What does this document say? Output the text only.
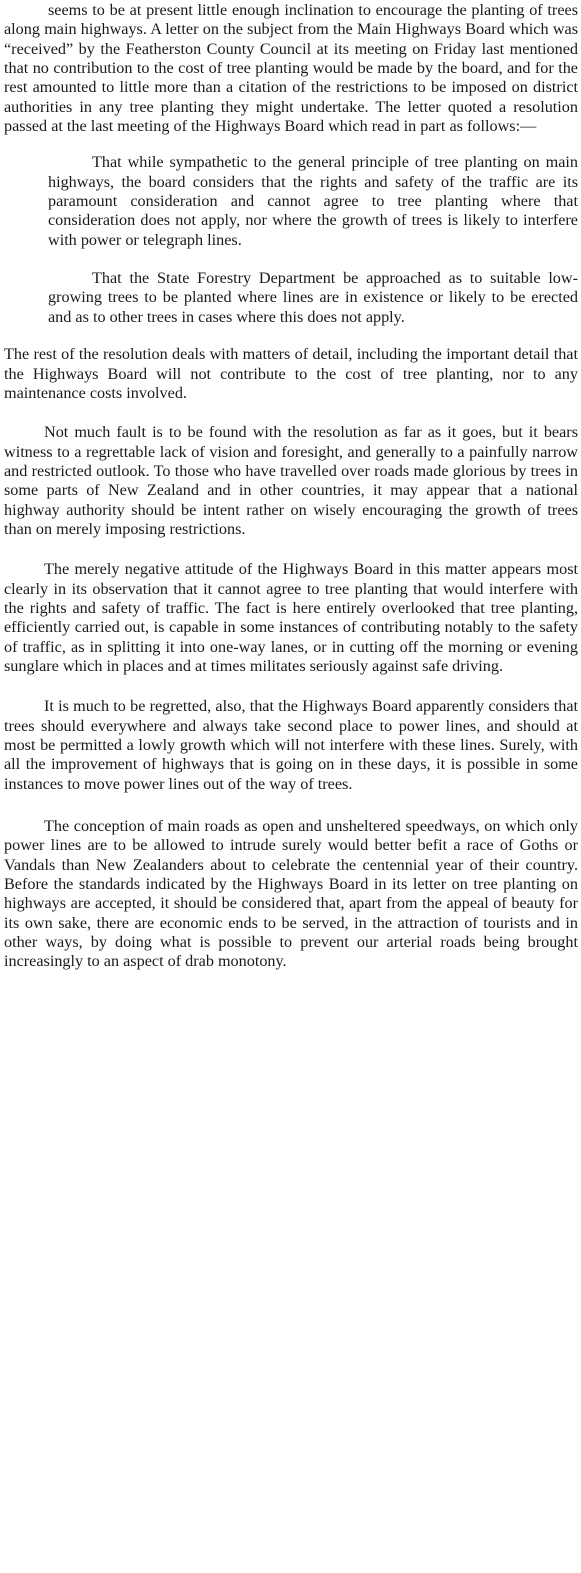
seems to be at present little enough inclination to encourage the planting of trees along main highways. A letter on the subject from the Main Highways Board which was “received” by the Featherston County Council at its meeting on Friday last mentioned that no contribution to the cost of tree planting would be made by the board, and for the rest amounted to little more than a citation of the restrictions to be imposed on district authorities in any tree planting they might undertake. The letter quoted a resolution passed at the last meeting of the Highways Board which read in part as follows:—

That while sympathetic to the general principle of tree planting on main highways, the board considers that the rights and safety of the traffic are its paramount consideration and cannot agree to tree planting where that consideration does not apply, nor where the growth of trees is likely to interfere with power or telegraph lines.

That the State Forestry Department be approached as to suitable low-growing trees to be planted where lines are in existence or likely to be erected and as to other trees in cases where this does not apply.

The rest of the resolution deals with matters of detail, including the important detail that the Highways Board will not contribute to the cost of tree planting, nor to any maintenance costs involved.

Not much fault is to be found with the resolution as far as it goes, but it bears witness to a regrettable lack of vision and foresight, and generally to a painfully narrow and restricted outlook. To those who have travelled over roads made glorious by trees in some parts of New Zealand and in other countries, it may appear that a national highway authority should be intent rather on wisely encouraging the growth of trees than on merely imposing restrictions.

The merely negative attitude of the Highways Board in this matter appears most clearly in its observation that it cannot agree to tree planting that would interfere with the rights and safety of traffic. The fact is here entirely overlooked that tree planting, efficiently carried out, is capable in some instances of contributing notably to the safety of traffic, as in splitting it into one-way lanes, or in cutting off the morning or evening sunglare which in places and at times militates seriously against safe driving.

It is much to be regretted, also, that the Highways Board apparently considers that trees should everywhere and always take second place to power lines, and should at most be permitted a lowly growth which will not interfere with these lines. Surely, with all the improvement of highways that is going on in these days, it is possible in some instances to move power lines out of the way of trees.

The conception of main roads as open and unsheltered speedways, on which only power lines are to be allowed to intrude surely would better befit a race of Goths or Vandals than New Zealanders about to celebrate the centennial year of their country. Before the standards indicated by the Highways Board in its letter on tree planting on highways are accepted, it should be considered that, apart from the appeal of beauty for its own sake, there are economic ends to be served, in the attraction of tourists and in other ways, by doing what is possible to prevent our arterial roads being brought increasingly to an aspect of drab monotony.
